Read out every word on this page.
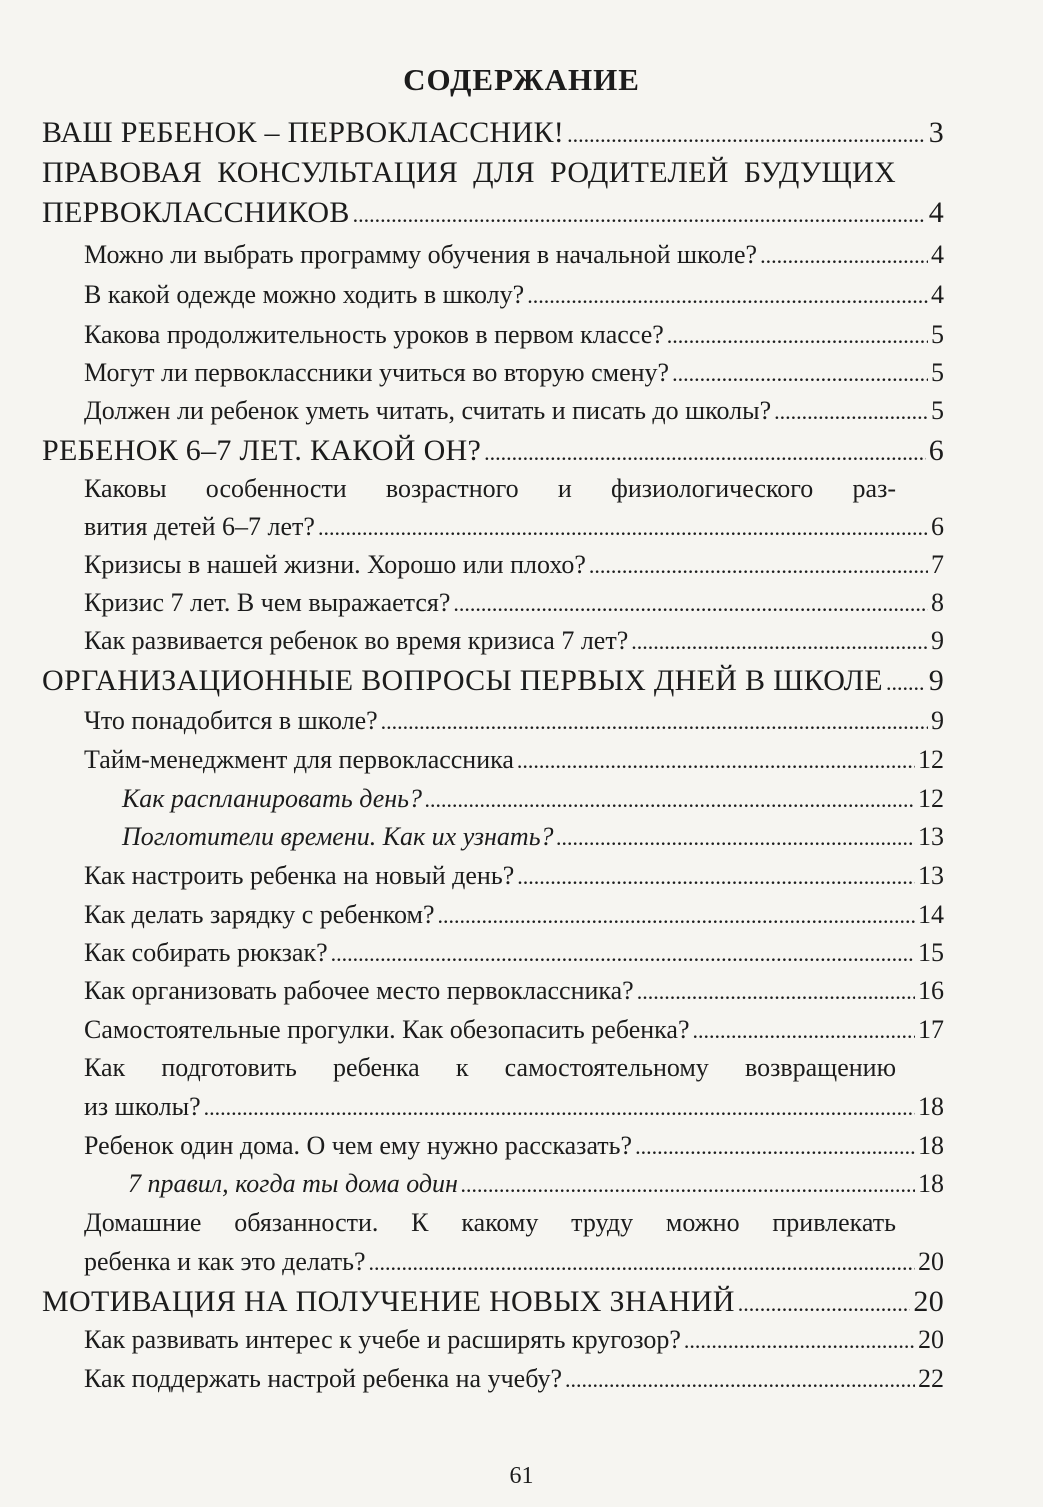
СОДЕРЖАНИЕ
ВАШ РЕБЕНОК – ПЕРВОКЛАССНИК! .....	3
ПРАВОВАЯ КОНСУЛЬТАЦИЯ ДЛЯ РОДИТЕЛЕЙ БУДУЩИХ
ПЕРВОКЛАССНИКОВ .....	4
Можно ли выбрать программу обучения в начальной школе? .....	4
В какой одежде можно ходить в школу? .....	4
Какова продолжительность уроков в первом классе? .....	5
Могут ли первоклассники учиться во вторую смену? .....	5
Должен ли ребенок уметь читать, считать и писать до школы? .....	5
РЕБЕНОК 6–7 ЛЕТ. КАКОЙ ОН? .....	6
Каковы особенности возрастного и физиологического раз-
вития детей 6–7 лет? .....	6
Кризисы в нашей жизни. Хорошо или плохо? .....	7
Кризис 7 лет. В чем выражается? .....	8
Как развивается ребенок во время кризиса 7 лет? .....	9
ОРГАНИЗАЦИОННЫЕ ВОПРОСЫ ПЕРВЫХ ДНЕЙ В ШКОЛЕ ..... 9
Что понадобится в школе? .....	9
Тайм-менеджмент для первоклассника .....	12
Как распланировать день? .....	12
Поглотители времени. Как их узнать? .....	13
Как настроить ребенка на новый день? .....	13
Как делать зарядку с ребенком? .....	14
Как собирать рюкзак? .....	15
Как организовать рабочее место первоклассника? .....	16
Самостоятельные прогулки. Как обезопасить ребенка? .....	17
Как подготовить ребенка к самостоятельному возвращению
из школы? .....	18
Ребенок один дома. О чем ему нужно рассказать? .....	18
7 правил, когда ты дома один .....	18
Домашние обязанности. К какому труду можно привлекать
ребенка и как это делать? .....	20
МОТИВАЦИЯ НА ПОЛУЧЕНИЕ НОВЫХ ЗНАНИЙ .....	20
Как развивать интерес к учебе и расширять кругозор? .....	20
Как поддержать настрой ребенка на учебу? .....	22
61
